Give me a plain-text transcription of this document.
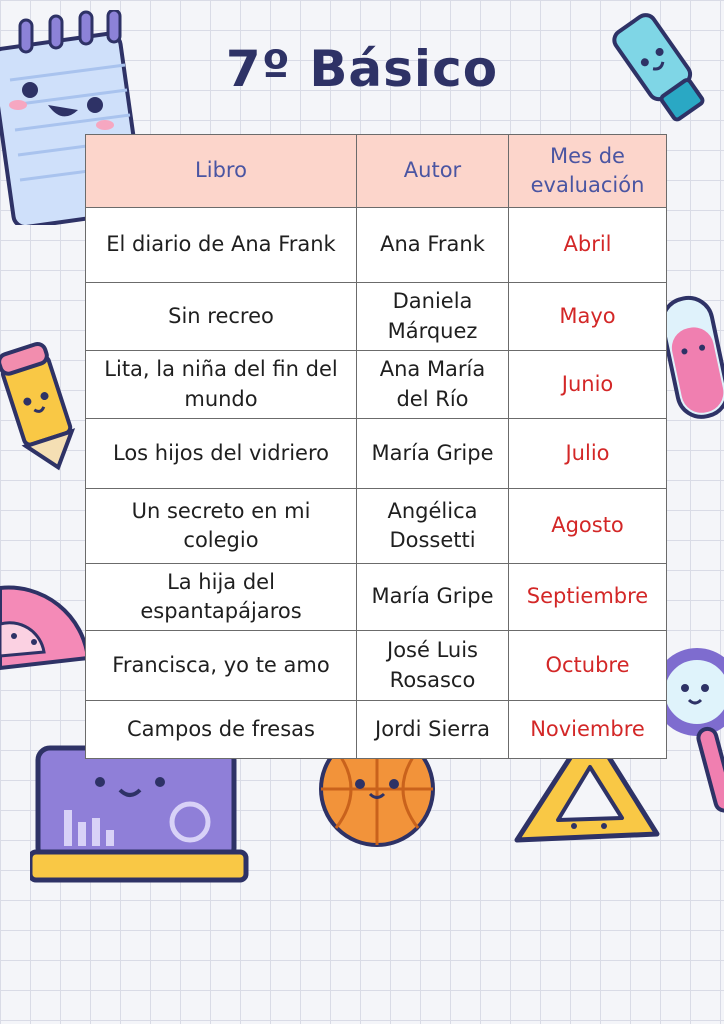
7º Básico
Libro	Autor	Mes de evaluación
El diario de Ana Frank	Ana Frank	Abril
Sin recreo	Daniela Márquez	Mayo
Lita, la niña del fin del mundo	Ana María del Río	Junio
Los hijos del vidriero	María Gripe	Julio
Un secreto en mi colegio	Angélica Dossetti	Agosto
La hija del espantapájaros	María Gripe	Septiembre
Francisca, yo te amo	José Luis Rosasco	Octubre
Campos de fresas	Jordi Sierra	Noviembre
